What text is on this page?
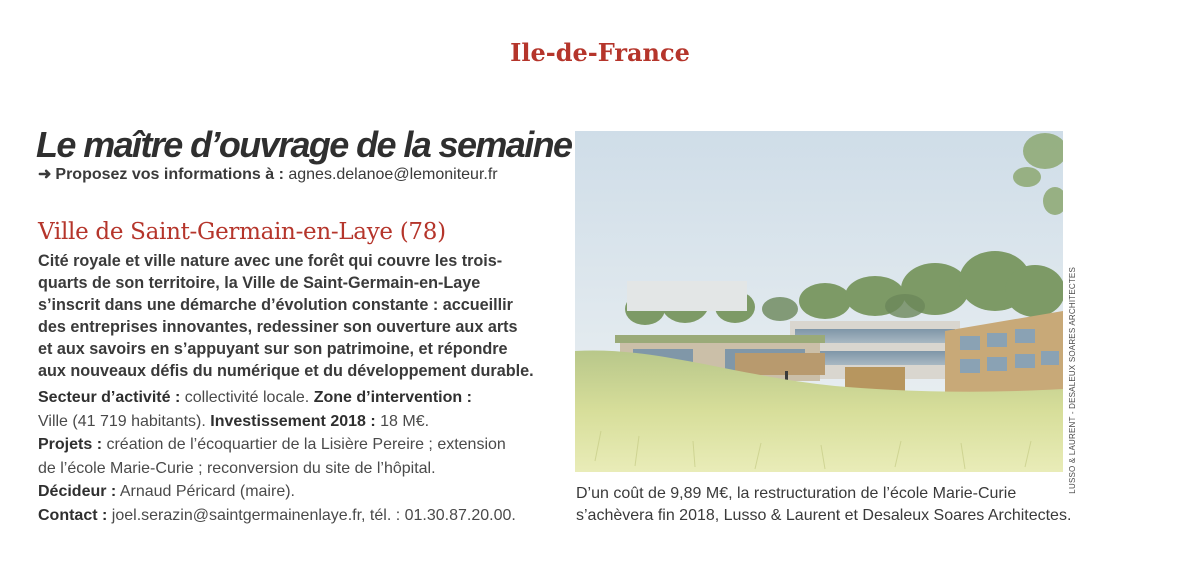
Ile-de-France
Le maître d’ouvrage de la semaine
➜ Proposez vos informations à : agnes.delanoe@lemoniteur.fr
Ville de Saint-Germain-en-Laye (78)
Cité royale et ville nature avec une forêt qui couvre les trois-
quarts de son territoire, la Ville de Saint-Germain-en-Laye
s’inscrit dans une démarche d’évolution constante : accueillir
des entreprises innovantes, redessiner son ouverture aux arts
et aux savoirs en s’appuyant sur son patrimoine, et répondre
aux nouveaux défis du numérique et du développement durable.
Secteur d’activité : collectivité locale. Zone d’intervention :
Ville (41 719 habitants). Investissement 2018 : 18 M€.
Projets : création de l’écoquartier de la Lisière Pereire ; extension
de l’école Marie-Curie ; reconversion du site de l’hôpital.
Décideur : Arnaud Péricard (maire).
Contact : joel.serazin@saintgermainenlaye.fr, tél. : 01.30.87.20.00.
LUSSO & LAURENT - DESALEUX SOARES ARCHITECTES
D’un coût de 9,89 M€, la restructuration de l’école Marie-Curie
s’achèvera fin 2018, Lusso & Laurent et Desaleux Soares Architectes.
